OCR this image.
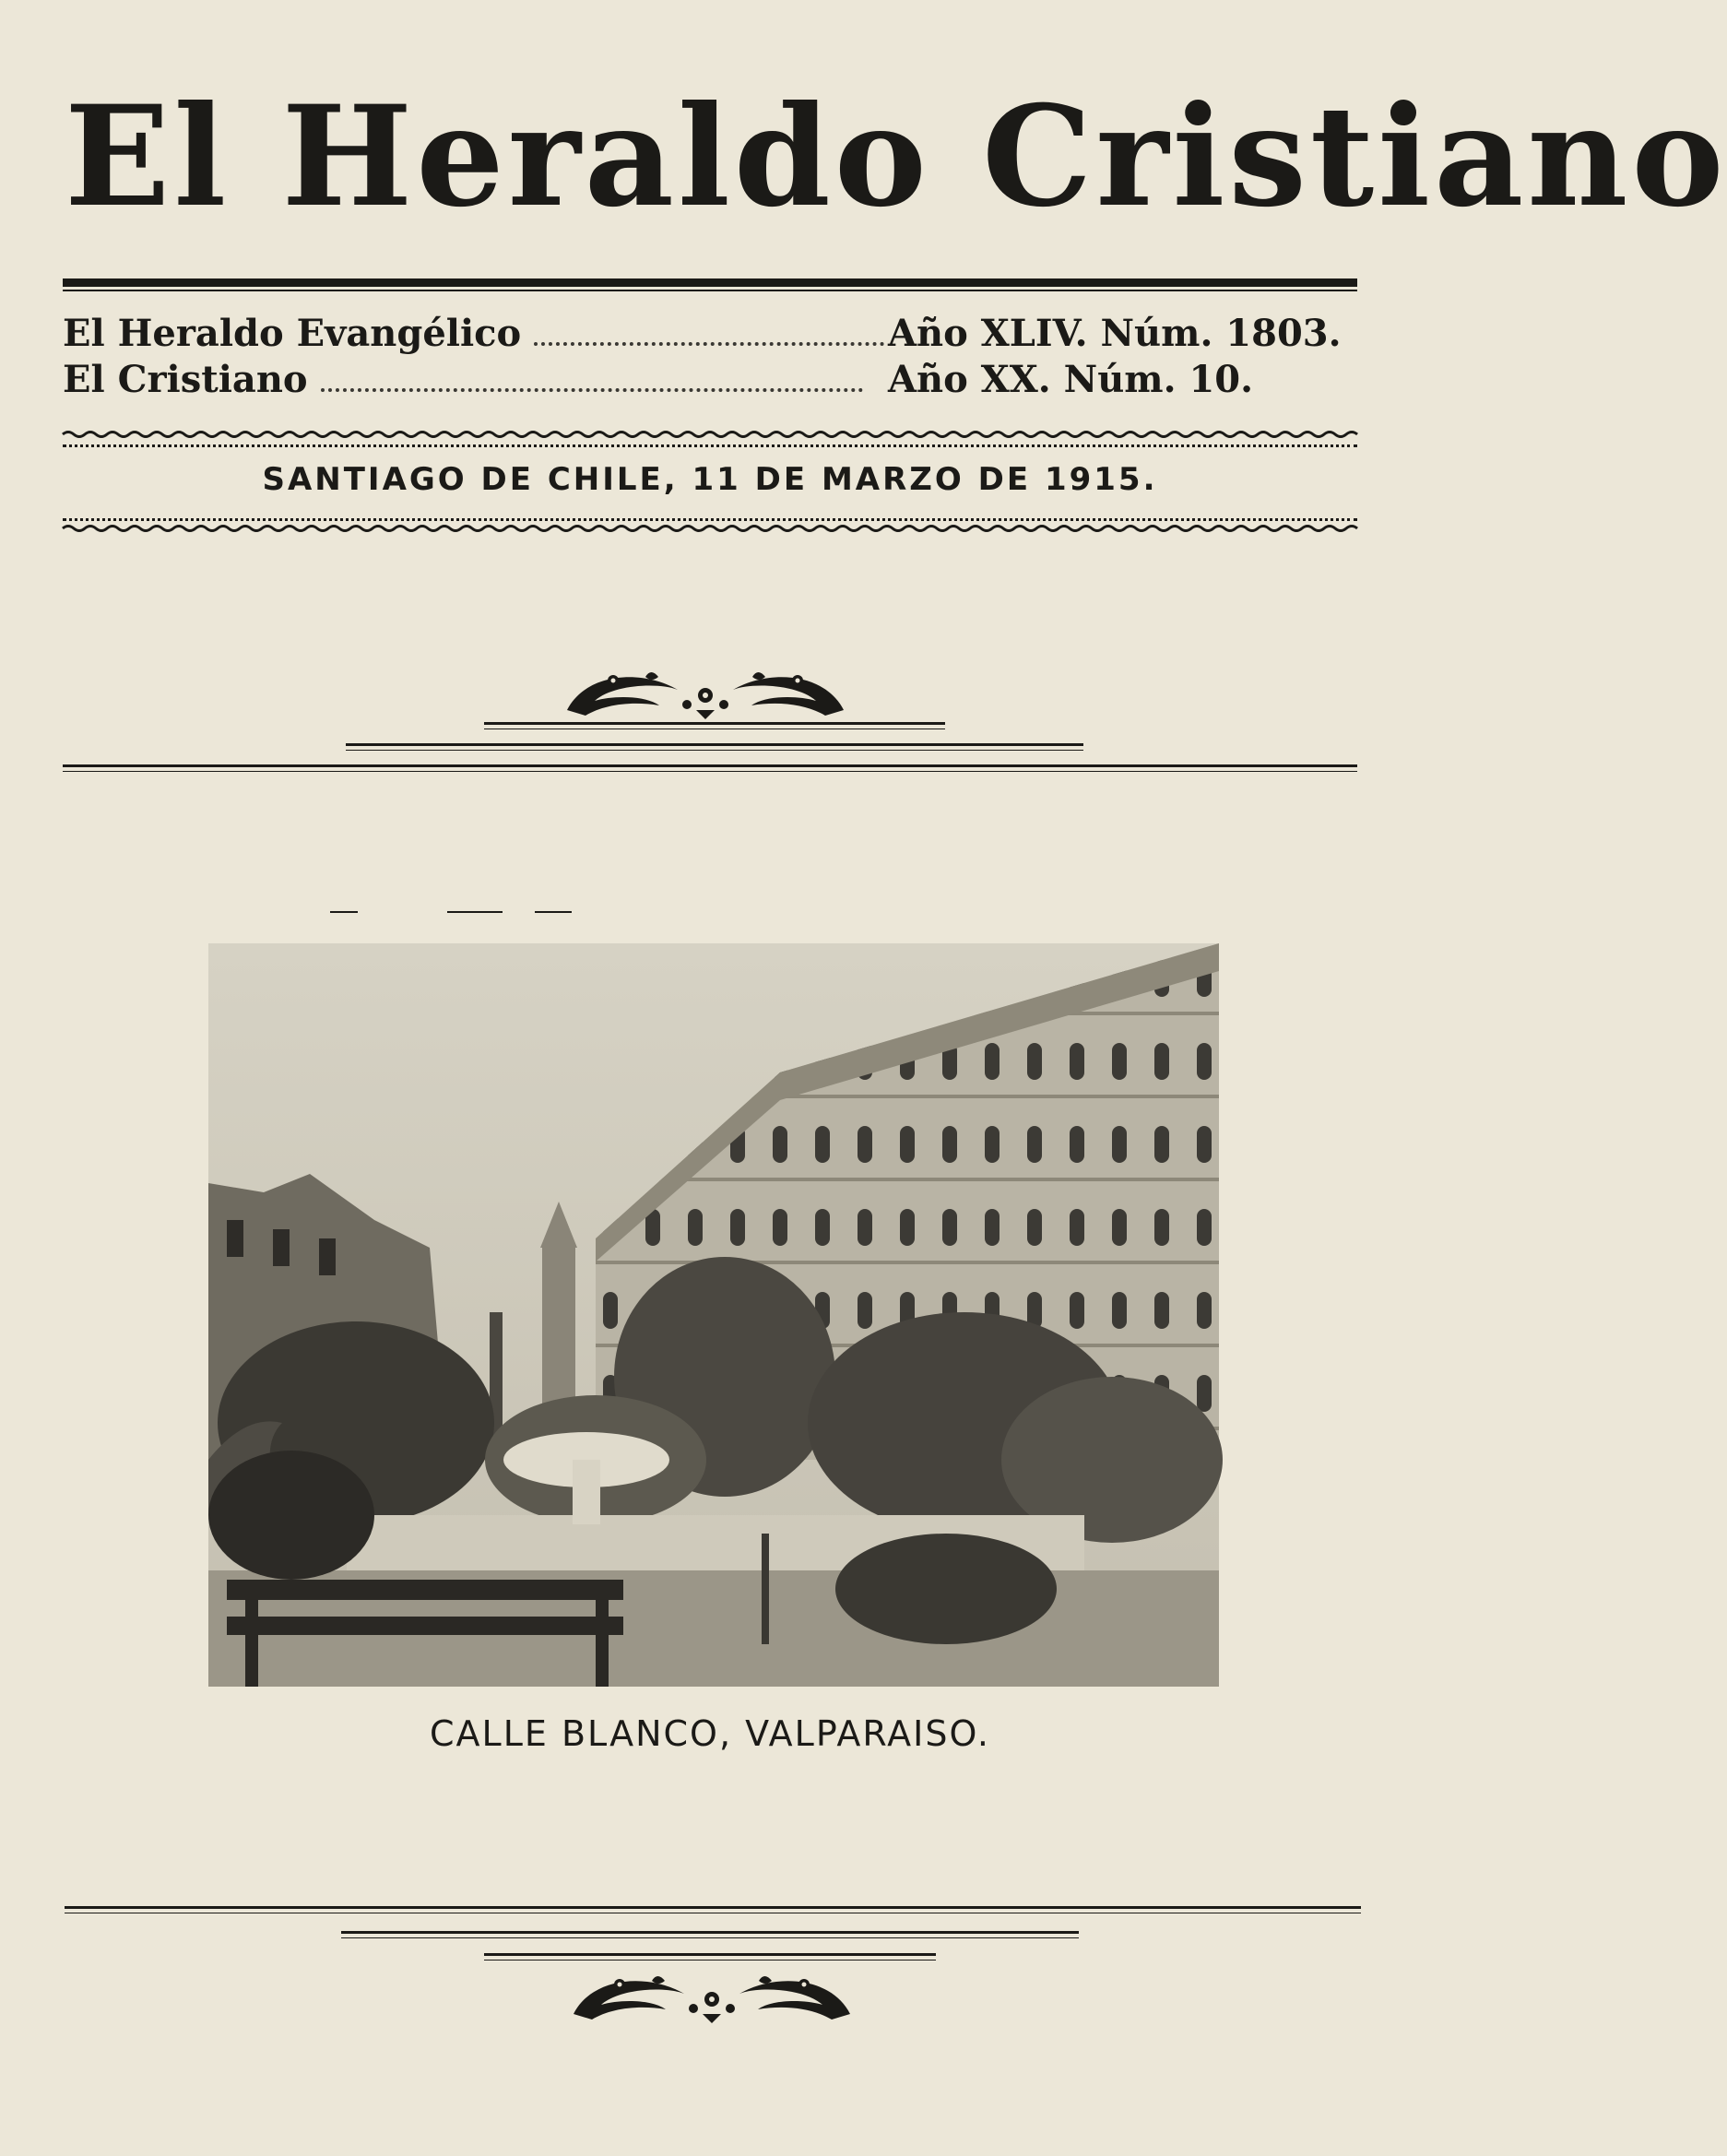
El Heraldo Cristiano
El Heraldo Evangélico	Año XLIV. Núm. 1803.
El Cristiano	Año XX. Núm. 10.
SANTIAGO DE CHILE, 11 DE MARZO DE 1915.
CALLE BLANCO, VALPARAISO.
